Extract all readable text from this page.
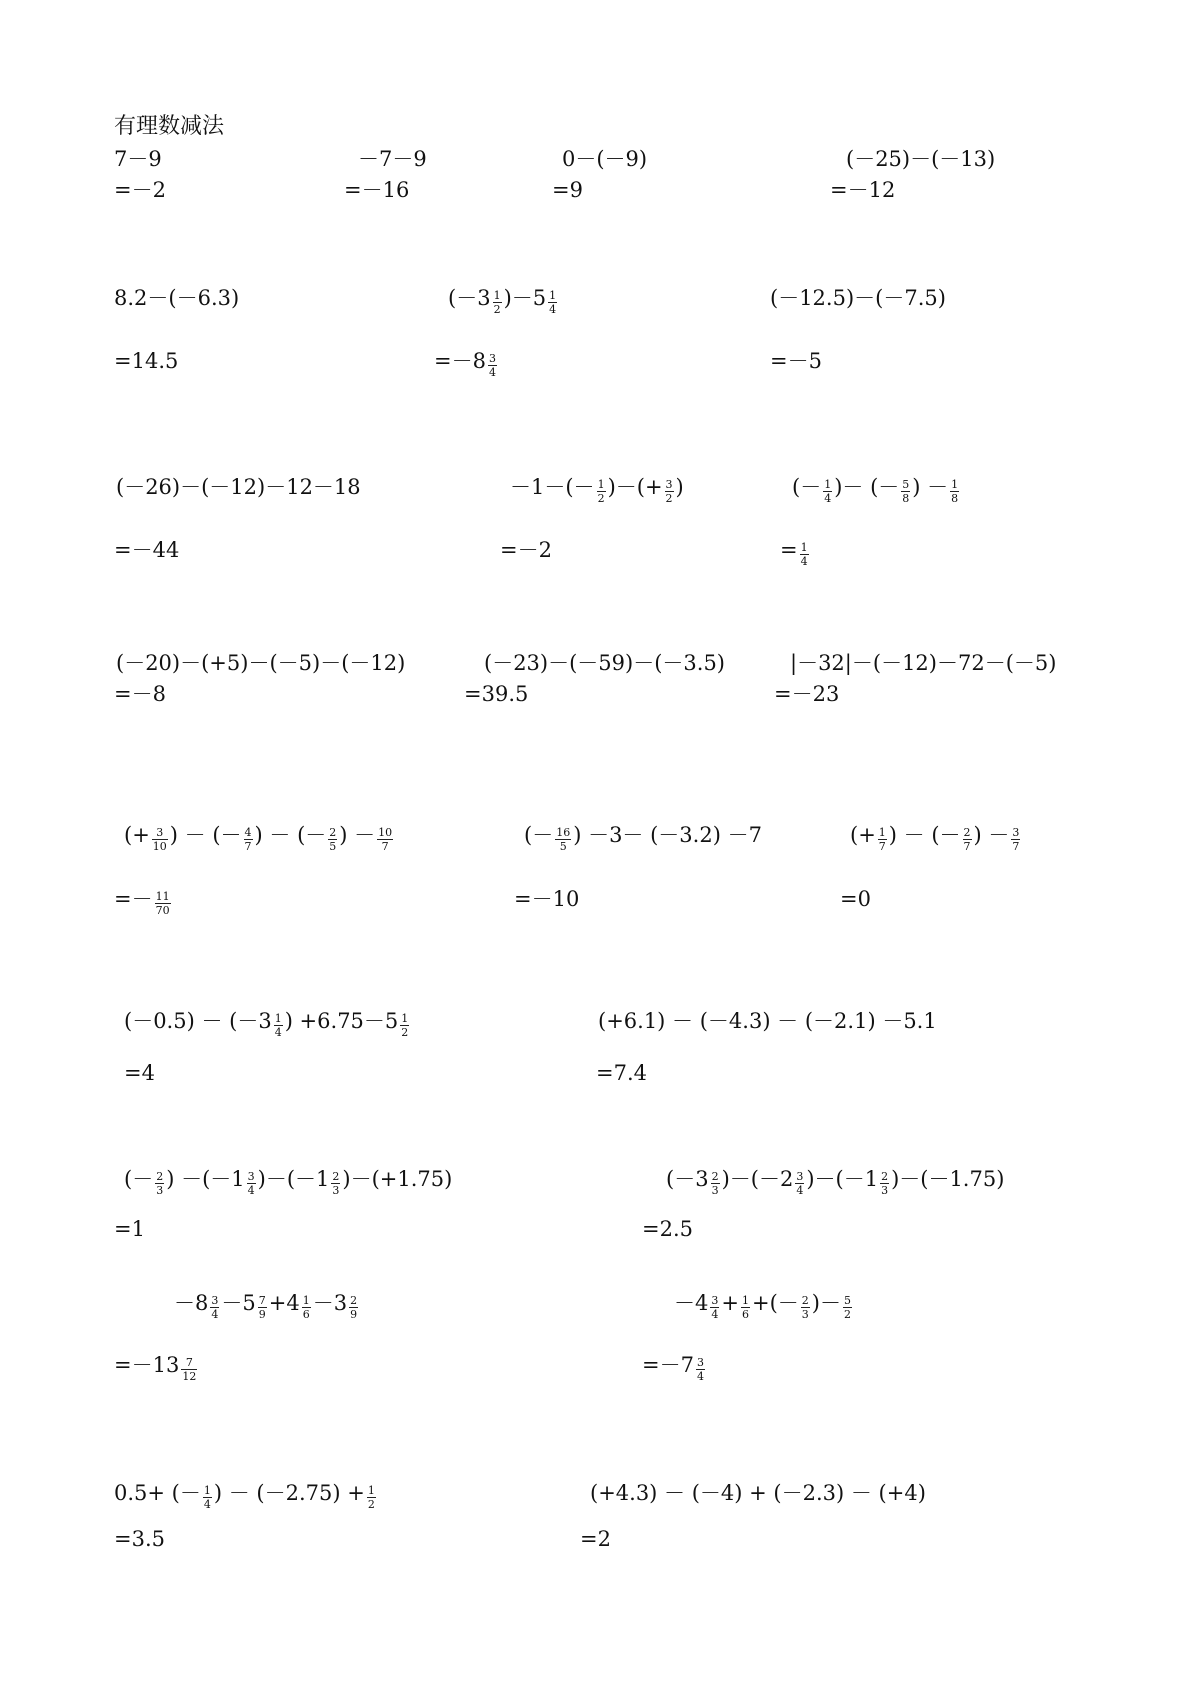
有理数减法
7－9
=－2
－7－9
=－16
0－(－9)
=9
(－25)－(－13)
=－12
8.2－(－6.3)
=14.5
$(-3 \frac{1}{2} )-5 \frac{1}{4}$
$=-8 \frac{3}{4}$
(－12.5)－(－7.5)
=－5
(－26)－(－12)－12－18
=－44
$-1-(- \frac{1}{2}$ )－(+ $\frac{3}{2}$ )
=－2
(－ $\frac{1}{4}$ )－ (－ $\frac{5}{8}$ ) － $\frac{1}{8}$
= $\frac{1}{4}$
(－20)－(+5)－(－5)－(－12)
=－8
(－23)－(－59)－(－3.5)
=39.5
|－32|－(－12)－72－(－5)
=－23
(+ $\frac{3}{10}$ ) － (－ $\frac{4}{7}$ ) － (－ $\frac{2}{5}$ ) － $\frac{10}{7}$
=－ $\frac{11}{70}$
(－ $\frac{16}{5}$ ) －3－ (－3.2) －7
=－10
(+ $\frac{1}{7}$ ) － (－ $\frac{2}{7}$ ) － $\frac{3}{7}$
=0
$(-0.5) - (-3 \frac{1}{4}$ ) $+6.75-5 \frac{1}{2}$
=4
(+6.1) － (－4.3) － (－2.1) －5.1
=7.4
(－ $\frac{2}{3}$ ) $-(-1 \frac{3}{4} )-(-1 \frac{2}{3} )-(+1.75)$
=1
$(-3 \frac{2}{3} )-(-2 \frac{3}{4} )-(-1 \frac{2}{3} )-(-1.75)$
=2.5
$-8 \frac{3}{4} -5 \frac{7}{9} +4 \frac{1}{6} -3 \frac{2}{9}$
$=-13 \frac{7}{12}$
$-4 \frac{3}{4} + \frac{1}{6}$ +(－ $\frac{2}{3}$ )－ $\frac{5}{2}$
$=-7 \frac{3}{4}$
0.5+ (－ $\frac{1}{4}$ ) － $(-2.75) + \frac{1}{2}$
=3.5
(+4.3) － (－4) + (－2.3) － (+4)
=2
